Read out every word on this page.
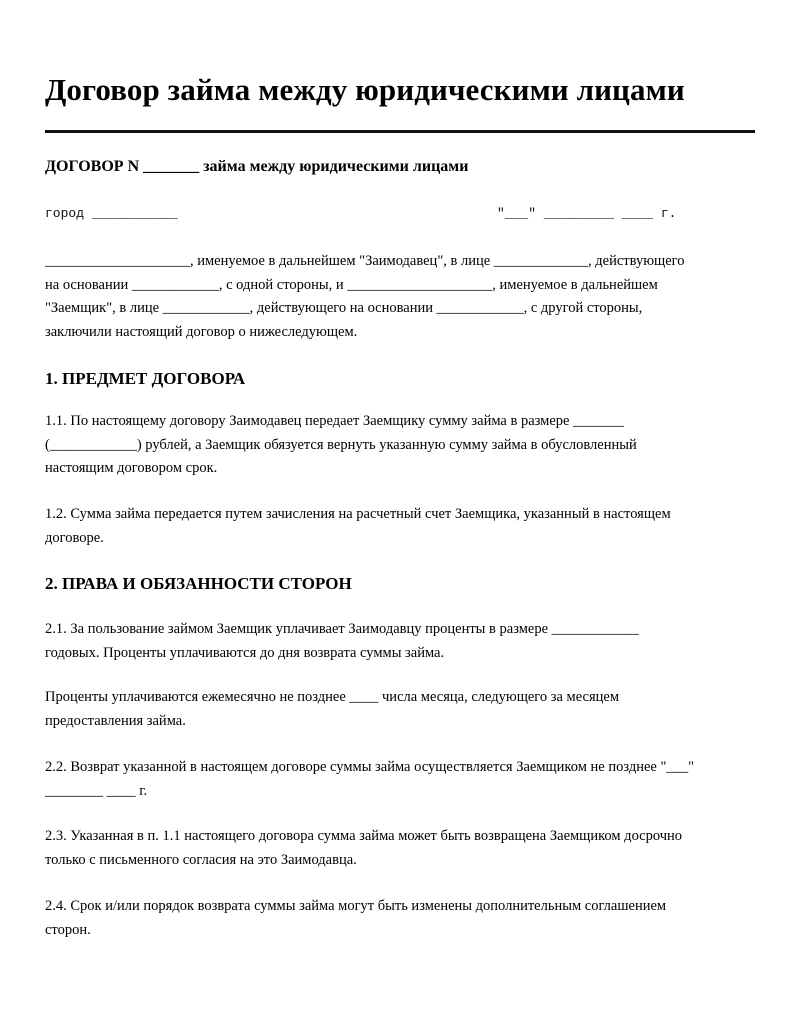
Договор займа между юридическими лицами
ДОГОВОР N _______ займа между юридическими лицами
город ___________	"___" _________ ____ г.

____________________, именуемое в дальнейшем "Заимодавец", в лице _____________, действующего
на основании ____________, с одной стороны, и ____________________, именуемое в дальнейшем
"Заемщик", в лице ____________, действующего на основании ____________, с другой стороны,
заключили настоящий договор о нижеследующем.

1. ПРЕДМЕТ ДОГОВОРА

1.1. По настоящему договору Заимодавец передает Заемщику сумму займа в размере _______
(____________) рублей, а Заемщик обязуется вернуть указанную сумму займа в обусловленный
настоящим договором срок.

1.2. Сумма займа передается путем зачисления на расчетный счет Заемщика, указанный в настоящем
договоре.

2. ПРАВА И ОБЯЗАННОСТИ СТОРОН

2.1. За пользование займом Заемщик уплачивает Заимодавцу проценты в размере ____________
годовых. Проценты уплачиваются до дня возврата суммы займа.

Проценты уплачиваются ежемесячно не позднее ____ числа месяца, следующего за месяцем
предоставления займа.

2.2. Возврат указанной в настоящем договоре суммы займа осуществляется Заемщиком не позднее "___"
________ ____ г.

2.3. Указанная в п. 1.1 настоящего договора сумма займа может быть возвращена Заемщиком досрочно
только с письменного согласия на это Заимодавца.

2.4. Срок и/или порядок возврата суммы займа могут быть изменены дополнительным соглашением
сторон.
